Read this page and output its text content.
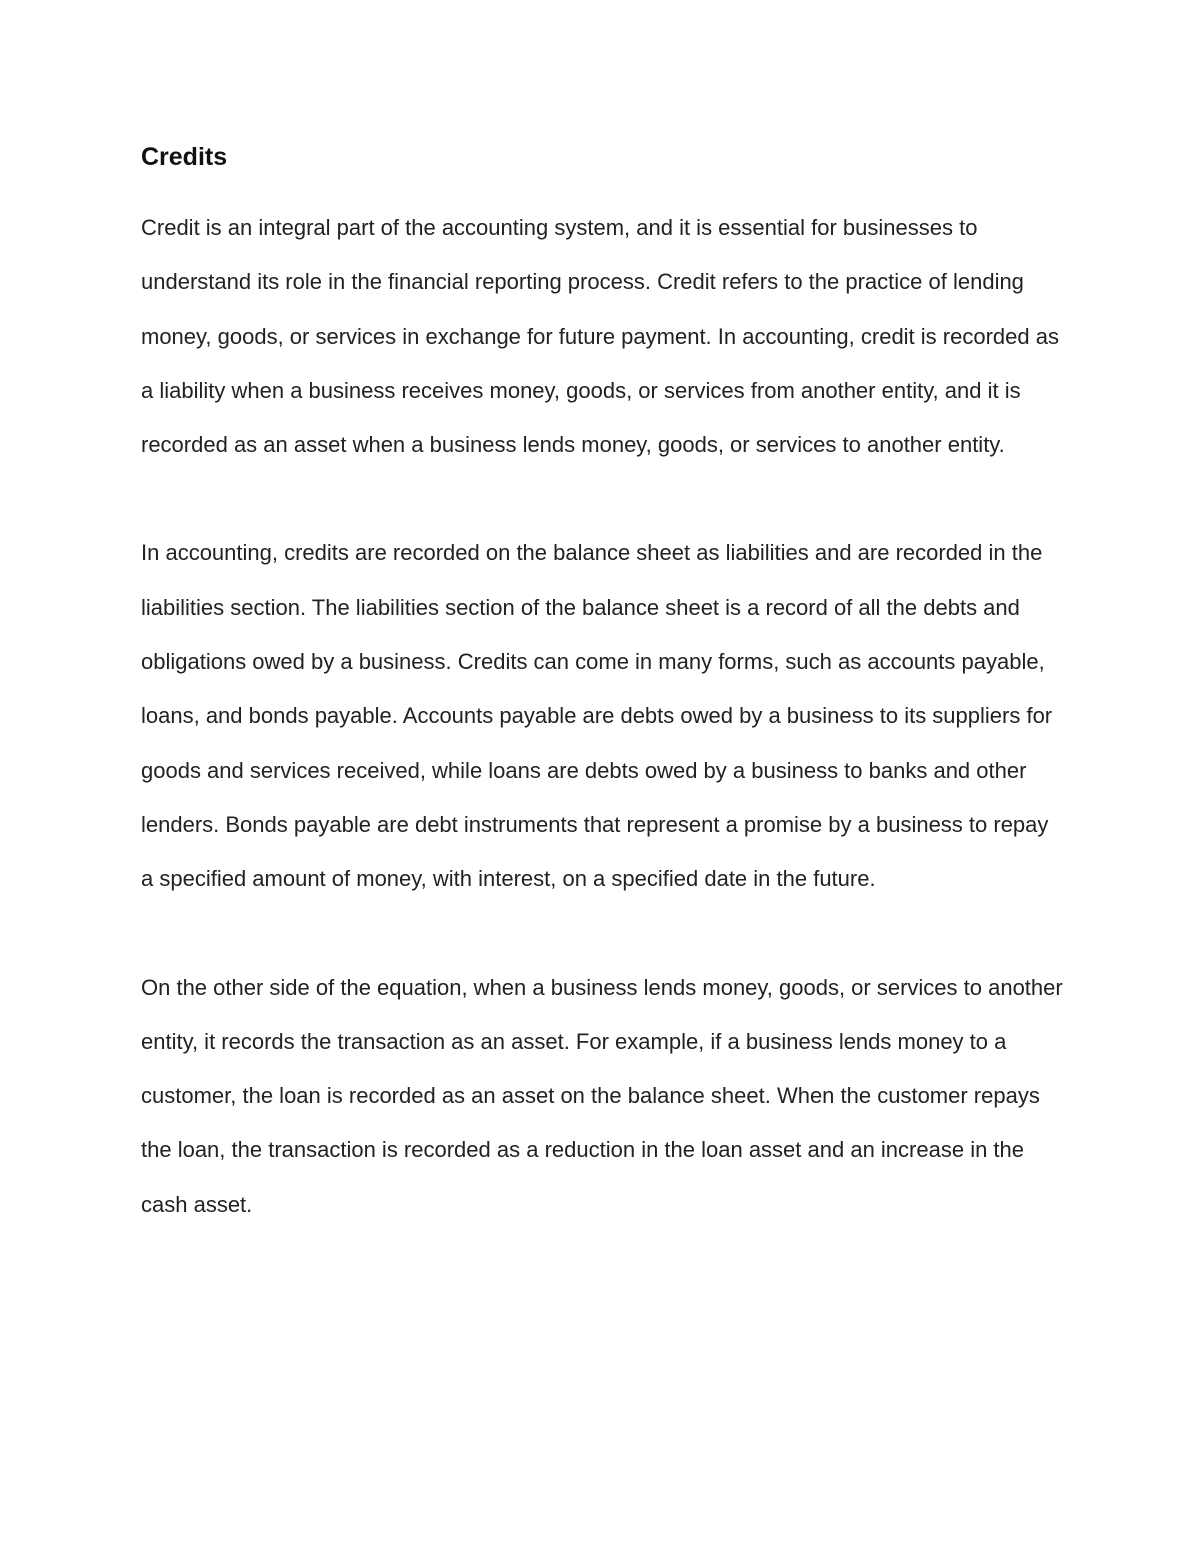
Credits

Credit is an integral part of the accounting system, and it is essential for businesses to understand its role in the financial reporting process. Credit refers to the practice of lending money, goods, or services in exchange for future payment. In accounting, credit is recorded as a liability when a business receives money, goods, or services from another entity, and it is recorded as an asset when a business lends money, goods, or services to another entity.

In accounting, credits are recorded on the balance sheet as liabilities and are recorded in the liabilities section. The liabilities section of the balance sheet is a record of all the debts and obligations owed by a business. Credits can come in many forms, such as accounts payable, loans, and bonds payable. Accounts payable are debts owed by a business to its suppliers for goods and services received, while loans are debts owed by a business to banks and other lenders. Bonds payable are debt instruments that represent a promise by a business to repay a specified amount of money, with interest, on a specified date in the future.

On the other side of the equation, when a business lends money, goods, or services to another entity, it records the transaction as an asset. For example, if a business lends money to a customer, the loan is recorded as an asset on the balance sheet. When the customer repays the loan, the transaction is recorded as a reduction in the loan asset and an increase in the cash asset.
